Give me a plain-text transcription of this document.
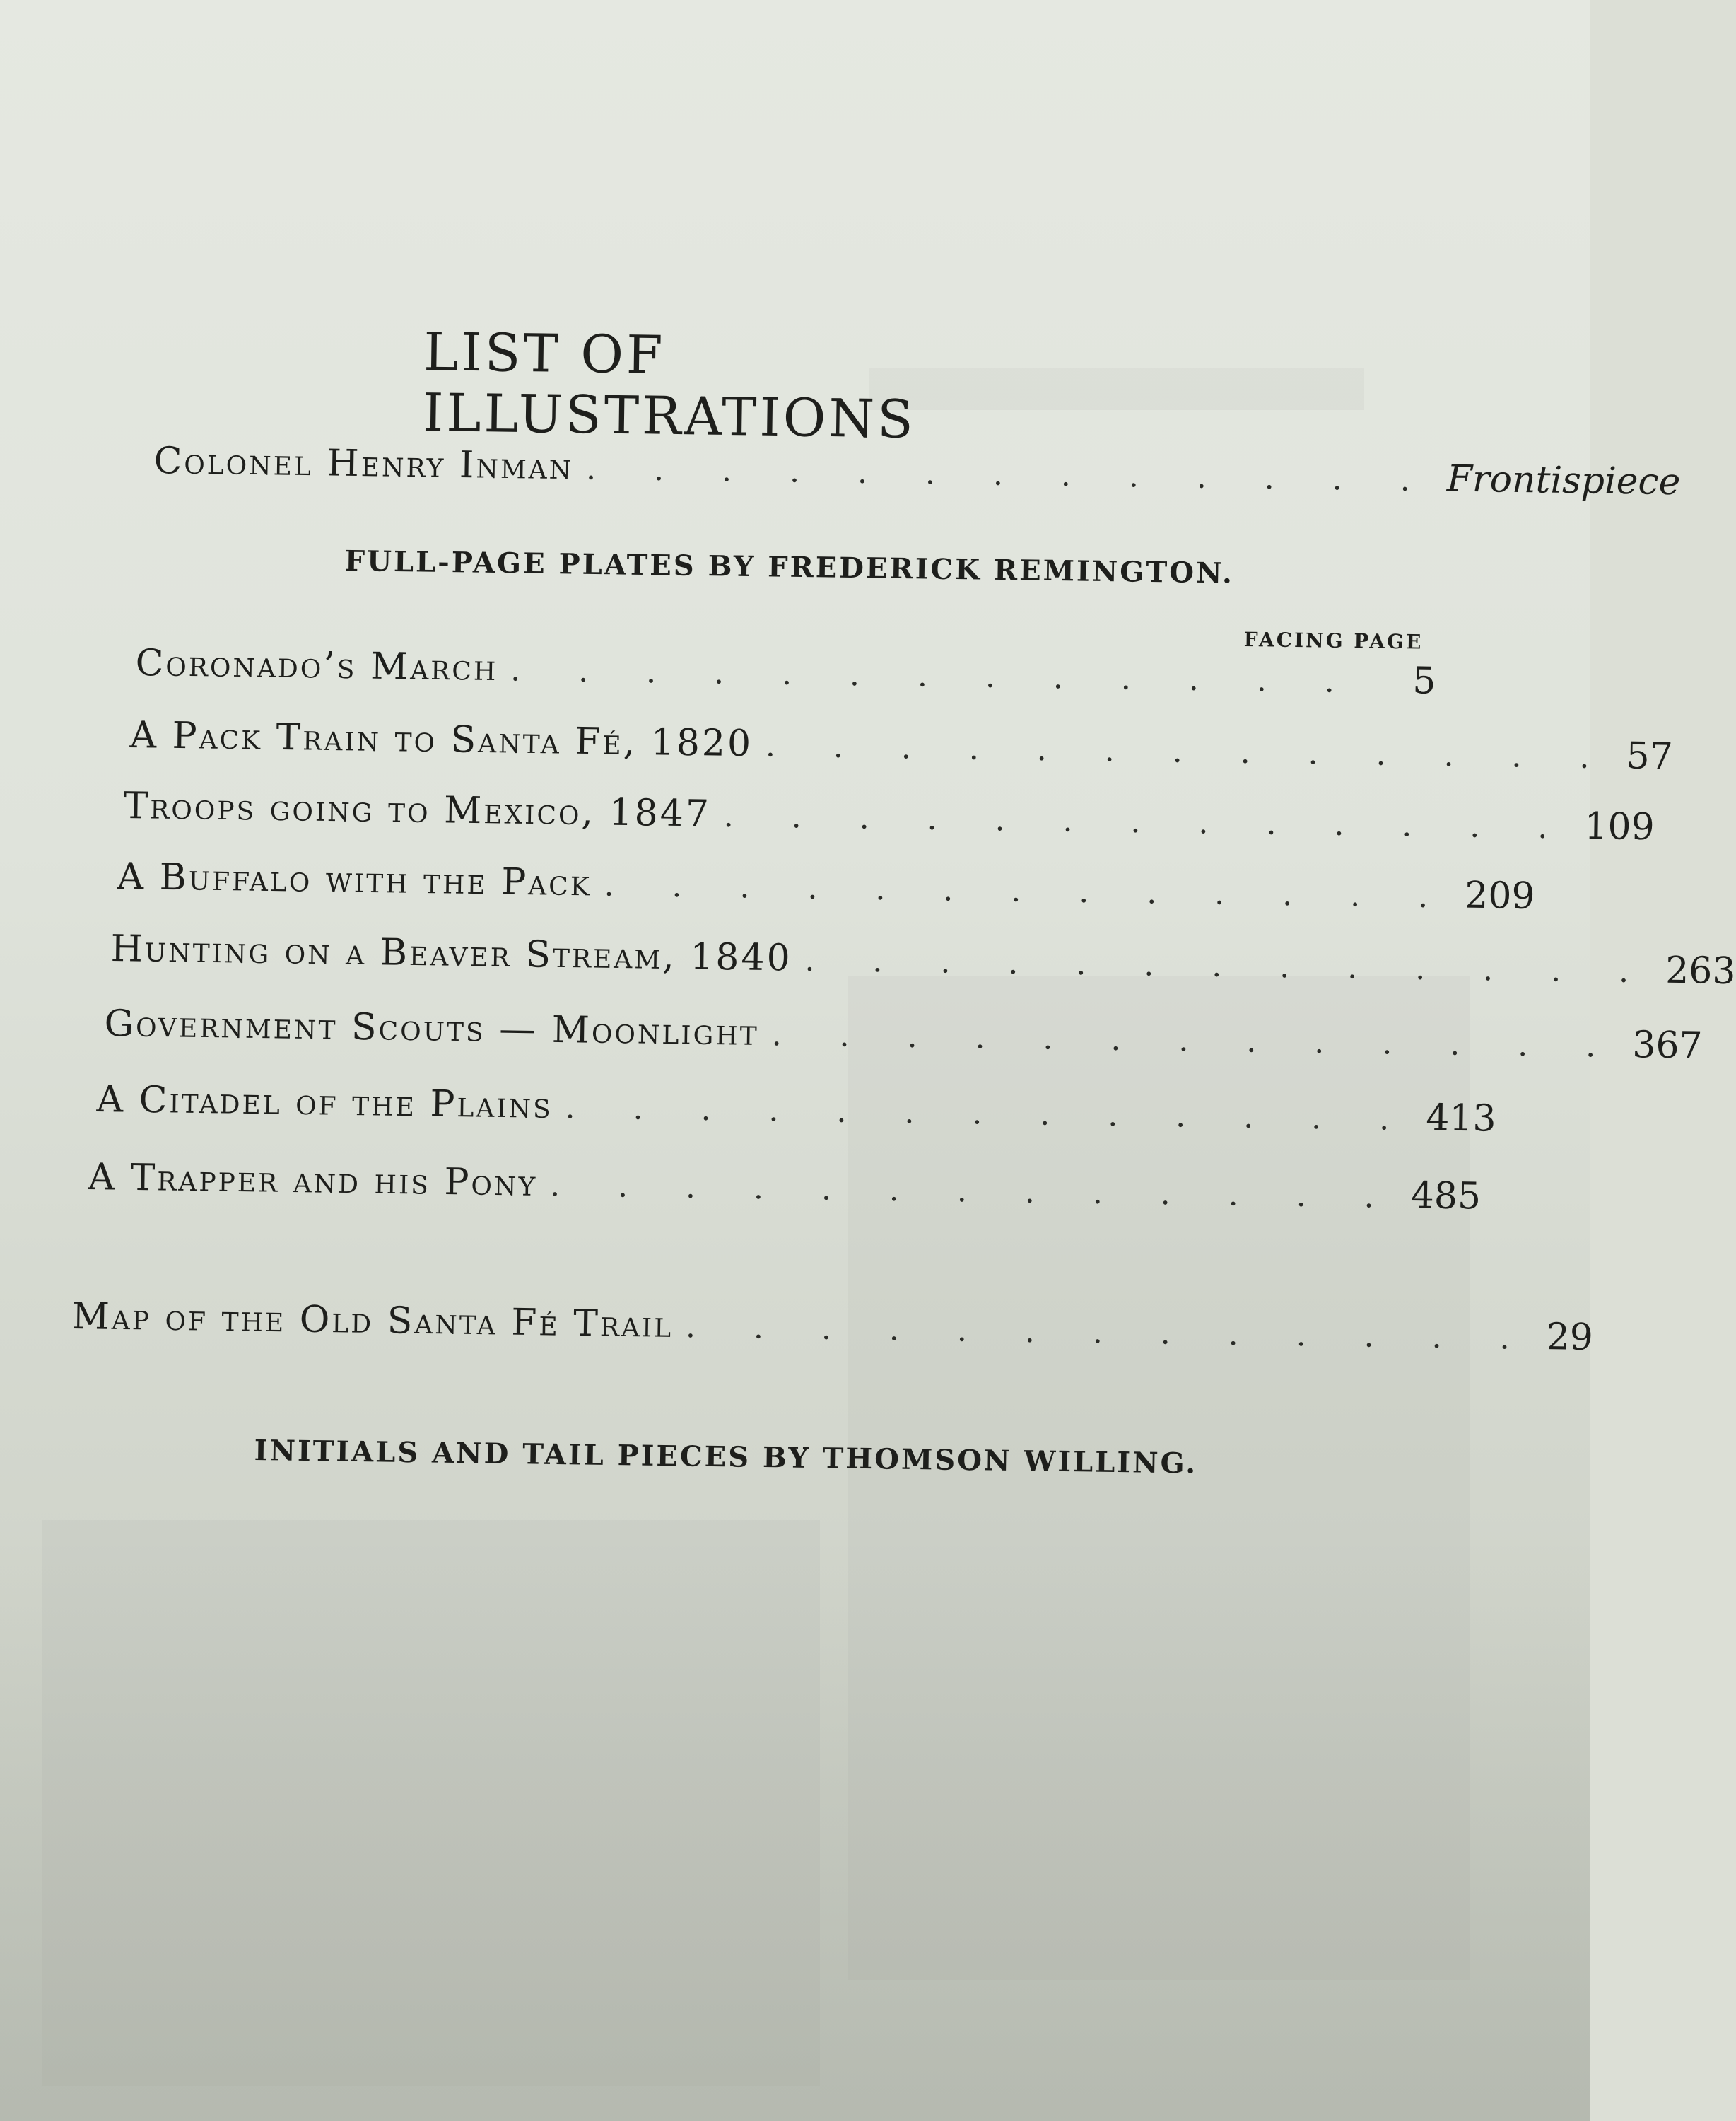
LIST OF ILLUSTRATIONS
Colonel Henry Inman . . . . . . . . . . . . . Frontispiece
FULL-PAGE PLATES BY FREDERICK REMINGTON.
FACING PAGE
Coronado’s March . . . . . . . . . . . . .	5
A Pack Train to Santa Fé, 1820 . . . . . . . . . . . . . 57
Troops going to Mexico, 1847 . . . . . . . . . . . . . 109
A Buffalo with the Pack . . . . . . . . . . . . . 209
Hunting on a Beaver Stream, 1840 . . . . . . . . . . . . . 263
Government Scouts — Moonlight . . . . . . . . . . . . . 367
A Citadel of the Plains . . . . . . . . . . . . . 413
A Trapper and his Pony . . . . . . . . . . . . . 485
Map of the Old Santa Fé Trail . . . . . . . . . . . . . 29
INITIALS AND TAIL PIECES BY THOMSON WILLING.
